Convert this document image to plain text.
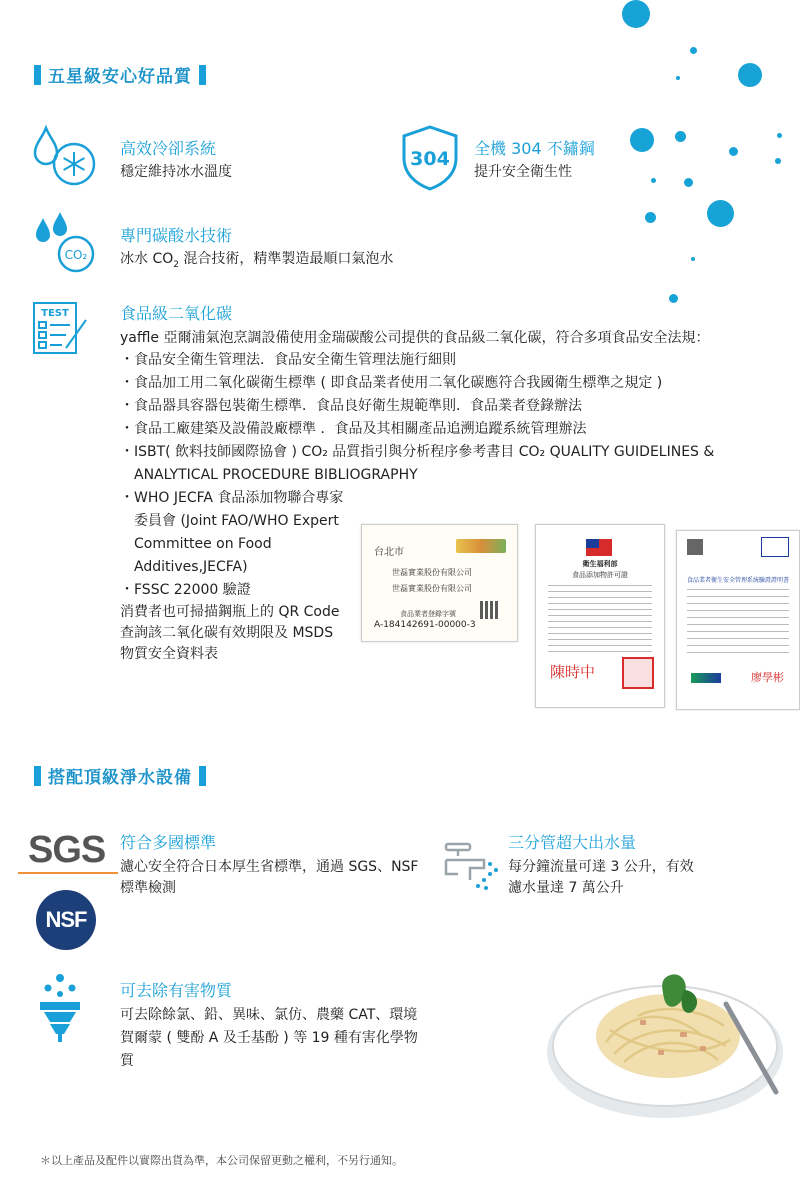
五星級安心好品質
高效冷卻系統
穩定維持冰水溫度
304 全機 304 不鏽鋼
提升安全衛生性
CO₂
專門碳酸水技術
冰水 $CO_2$ 混合技術，精準製造最順口氣泡水
TEST	食品級二氧化碳
yaffle 亞爾浦氣泡烹調設備使用金瑞碳酸公司提供的食品級二氧化碳，符合多項食品安全法規：
・食品安全衛生管理法．食品安全衛生管理法施行細則
・食品加工用二氧化碳衛生標準 ( 即食品業者使用二氧化碳應符合我國衛生標準之規定 )
・食品器具容器包裝衛生標準．食品良好衛生規範準則．食品業者登錄辦法
・食品工廠建築及設備設廠標準 ．食品及其相關產品追溯追蹤系統管理辦法
・ISBT( 飲料技師國際協會 ) CO₂ 品質指引與分析程序參考書目 CO₂ QUALITY GUIDELINES & ANALYTICAL PROCEDURE BIBLIOGRAPHY
・WHO JECFA 食品添加物聯合專家委員會 (Joint FAO/WHO Expert Committee on Food Additives,JECFA)
・FSSC 22000 驗證
消費者也可掃描鋼瓶上的 QR Code 查詢該二氧化碳有效期限及 MSDS 物質安全資料表
台北市
世磊實業股份有限公司
世磊實業股份有限公司
食品業者登錄字號
A-184142691-00000-3
衛生福利部
食品添加物許可證
陳時中
食品業者衛生安全管理系統驗證證明書
廖學彬
搭配頂級淨水設備
SGS
NSF
符合多國標準
濾心安全符合日本厚生省標準，通過 SGS、NSF 標準檢測
三分管超大出水量
每分鐘流量可達 3 公升，有效濾水量達 7 萬公升
可去除有害物質
可去除餘氯、鉛、異味、氯仿、農藥 CAT、環境賀爾蒙 ( 雙酚 A 及壬基酚 ) 等 19 種有害化學物質
＊以上產品及配件以實際出貨為準，本公司保留更動之權利，不另行通知。
